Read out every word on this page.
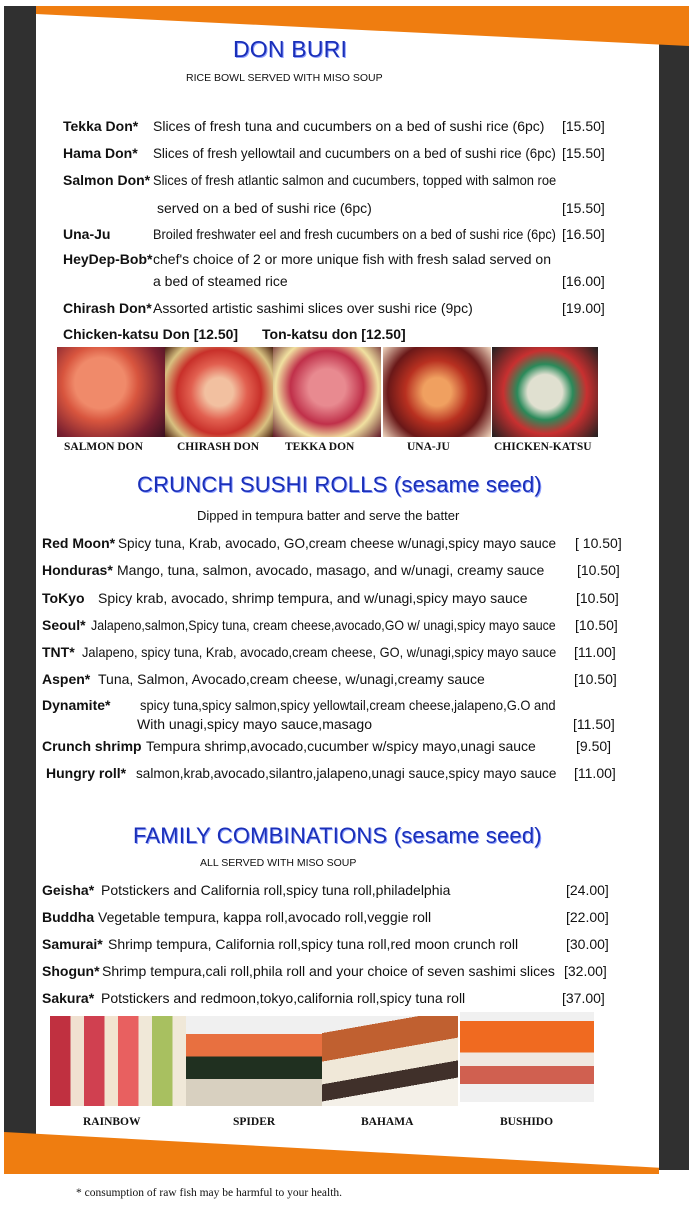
DON BURI
RICE BOWL SERVED WITH MISO SOUP
Tekka Don* Slices of fresh tuna and cucumbers on a bed of sushi rice (6pc) [15.50]
Hama Don* Slices of fresh yellowtail and cucumbers on a bed of sushi rice (6pc) [15.50]
Salmon Don* Slices of fresh atlantic salmon and cucumbers, topped with salmon roe
served on a bed of sushi rice (6pc)	[15.50]
Una-Ju	Broiled freshwater eel and fresh cucumbers on a bed of sushi rice (6pc) [16.50]
HeyDep-Bob* chef's choice of 2 or more unique fish with fresh salad served on
a bed of steamed rice	[16.00]
Chirash Don* Assorted artistic sashimi slices over sushi rice (9pc)	[19.00]
Chicken-katsu Don [12.50] Ton-katsu don [12.50]
SALMON DON	CHIRASH DON TEKKA DON	UNA-JU	CHICKEN-KATSU
CRUNCH SUSHI ROLLS (sesame seed)
Dipped in tempura batter and serve the batter
Red Moon* Spicy tuna, Krab, avocado, GO,cream cheese w/unagi,spicy mayo sauce [ 10.50]
Honduras* Mango, tuna, salmon, avocado, masago, and w/unagi, creamy sauce [10.50]
ToKyo Spicy krab, avocado, shrimp tempura, and w/unagi,spicy mayo sauce	[10.50]
Seoul* Jalapeno,salmon,Spicy tuna, cream cheese,avocado,GO w/ unagi,spicy mayo sauce [10.50]
TNT* Jalapeno, spicy tuna, Krab, avocado,cream cheese, GO, w/unagi,spicy mayo sauce [11.00]
Aspen* Tuna, Salmon, Avocado,cream cheese, w/unagi,creamy sauce	[10.50]
Dynamite* spicy tuna,spicy salmon,spicy yellowtail,cream cheese,jalapeno,G.O and
With unagi,spicy mayo sauce,masago	[11.50]
Crunch shrimp Tempura shrimp,avocado,cucumber w/spicy mayo,unagi sauce	[9.50]
Hungry roll* salmon,krab,avocado,silantro,jalapeno,unagi sauce,spicy mayo sauce [11.00]
FAMILY COMBINATIONS (sesame seed)
ALL SERVED WITH MISO SOUP
Geisha* Potstickers and California roll,spicy tuna roll,philadelphia	[24.00]
Buddha Vegetable tempura, kappa roll,avocado roll,veggie roll	[22.00]
Samurai* Shrimp tempura, California roll,spicy tuna roll,red moon crunch roll	[30.00]
Shogun* Shrimp tempura,cali roll,phila roll and your choice of seven sashimi slices [32.00]
Sakura* Potstickers and redmoon,tokyo,california roll,spicy tuna roll	[37.00]
RAINBOW	SPIDER	BAHAMA	BUSHIDO
* consumption of raw fish may be harmful to your health.
